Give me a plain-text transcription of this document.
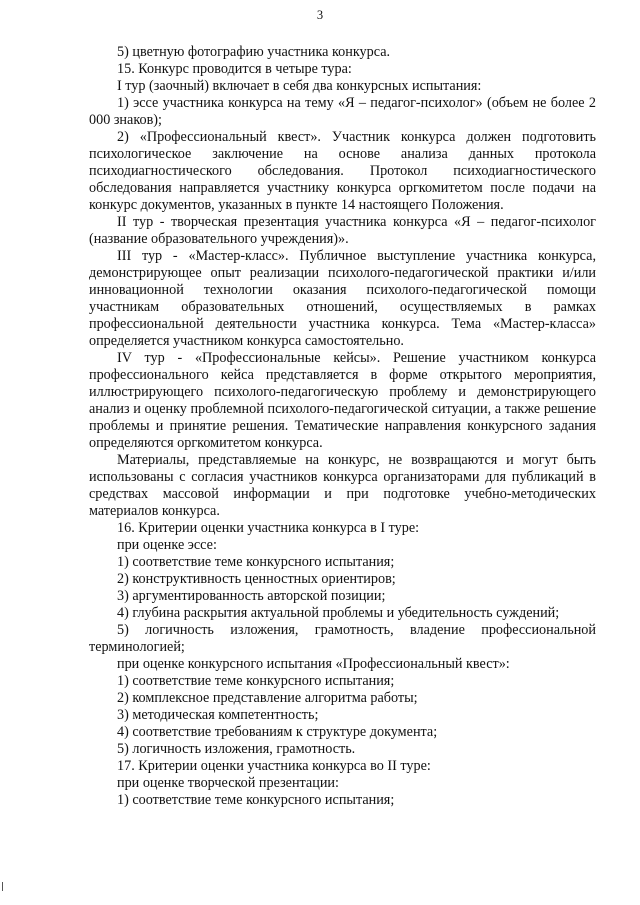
3

5) цветную фотографию участника конкурса.

15. Конкурс проводится в четыре тура:

I тур (заочный) включает в себя два конкурсных испытания:

1) эссе участника конкурса на тему «Я – педагог-психолог» (объем не более 2 000 знаков);

2) «Профессиональный квест». Участник конкурса должен подготовить психологическое заключение на основе анализа данных протокола психодиагностического обследования. Протокол психодиагностического обследования направляется участнику конкурса оргкомитетом после подачи на конкурс документов, указанных в пункте 14 настоящего Положения.

II тур - творческая презентация участника конкурса «Я – педагог-психолог (название образовательного учреждения)».

III тур - «Мастер-класс». Публичное выступление участника конкурса, демонстрирующее опыт реализации психолого-педагогической практики и/или инновационной технологии оказания психолого-педагогической помощи участникам образовательных отношений, осуществляемых в рамках профессиональной деятельности участника конкурса. Тема «Мастер-класса» определяется участником конкурса самостоятельно.

IV тур - «Профессиональные кейсы». Решение участником конкурса профессионального кейса представляется в форме открытого мероприятия, иллюстрирующего психолого-педагогическую проблему и демонстрирующего анализ и оценку проблемной психолого-педагогической ситуации, а также решение проблемы и принятие решения. Тематические направления конкурсного задания определяются оргкомитетом конкурса.

Материалы, представляемые на конкурс, не возвращаются и могут быть использованы с согласия участников конкурса организаторами для публикаций в средствах массовой информации и при подготовке учебно-методических материалов конкурса.

16. Критерии оценки участника конкурса в I туре:

при оценке эссе:

1) соответствие теме конкурсного испытания;

2) конструктивность ценностных ориентиров;

3) аргументированность авторской позиции;

4) глубина раскрытия актуальной проблемы и убедительность суждений;

5) логичность изложения, грамотность, владение профессиональной терминологией;

при оценке конкурсного испытания «Профессиональный квест»:

1) соответствие теме конкурсного испытания;

2) комплексное представление алгоритма работы;

3) методическая компетентность;

4) соответствие требованиям к структуре документа;

5) логичность изложения, грамотность.

17. Критерии оценки участника конкурса во II туре:

при оценке творческой презентации:

1) соответствие теме конкурсного испытания;
